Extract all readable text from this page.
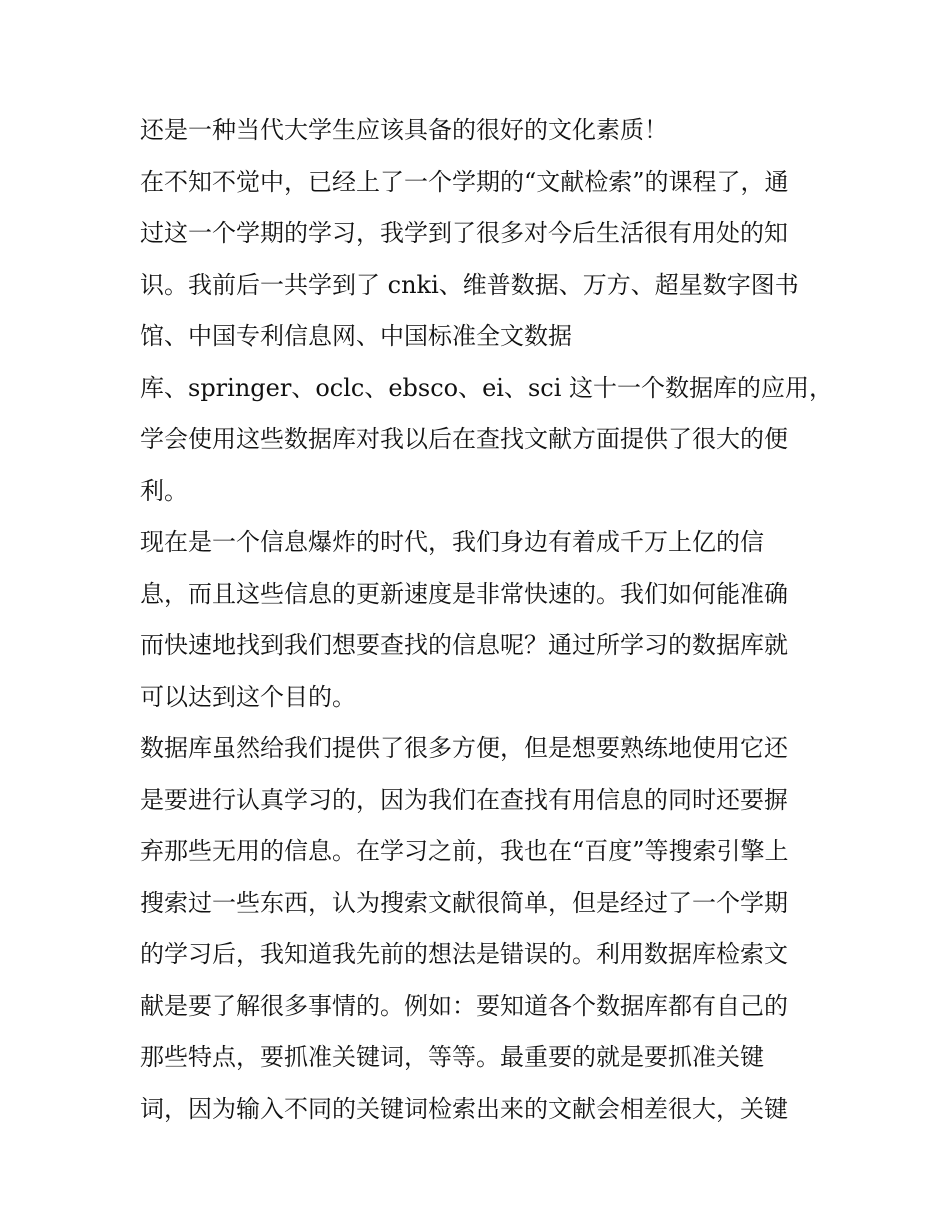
还是一种当代大学生应该具备的很好的文化素质！
在不知不觉中，已经上了一个学期的“文献检索”的课程了，通
过这一个学期的学习，我学到了很多对今后生活很有用处的知
识。我前后一共学到了 cnki、维普数据、万方、超星数字图书
馆、中国专利信息网、中国标准全文数据
库、springer、oclc、ebsco、ei、sci 这十一个数据库的应用，
学会使用这些数据库对我以后在查找文献方面提供了很大的便
利。
现在是一个信息爆炸的时代，我们身边有着成千万上亿的信
息，而且这些信息的更新速度是非常快速的。我们如何能准确
而快速地找到我们想要查找的信息呢？通过所学习的数据库就
可以达到这个目的。
数据库虽然给我们提供了很多方便，但是想要熟练地使用它还
是要进行认真学习的，因为我们在查找有用信息的同时还要摒
弃那些无用的信息。在学习之前，我也在“百度”等搜索引擎上
搜索过一些东西，认为搜索文献很简单，但是经过了一个学期
的学习后，我知道我先前的想法是错误的。利用数据库检索文
献是要了解很多事情的。例如：要知道各个数据库都有自己的
那些特点，要抓准关键词，等等。最重要的就是要抓准关键
词，因为输入不同的关键词检索出来的文献会相差很大，关键
